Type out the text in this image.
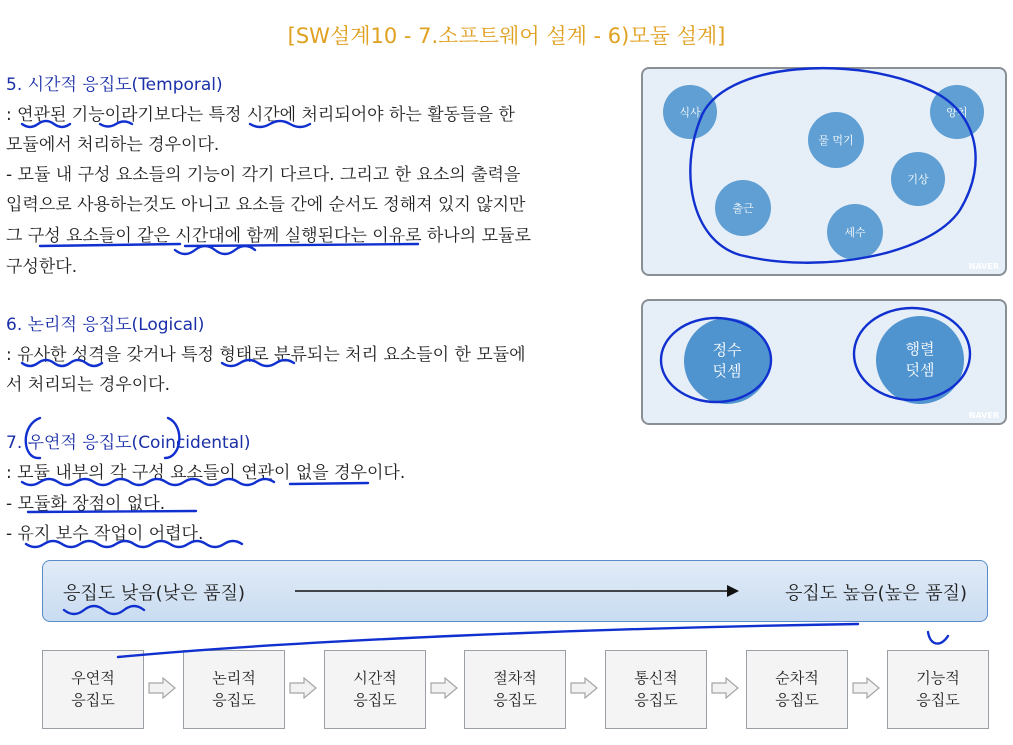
[SW설계10 - 7.소프트웨어 설계 - 6)모듈 설계]
5. 시간적 응집도(Temporal)
: 연관된 기능이라기보다는 특정 시간에 처리되어야 하는 활동들을 한
모듈에서 처리하는 경우이다.
- 모듈 내 구성 요소들의 기능이 각기 다르다. 그리고 한 요소의 출력을
입력으로 사용하는것도 아니고 요소들 간에 순서도 정해져 있지 않지만
그 구성 요소들이 같은 시간대에 함께 실행된다는 이유로 하나의 모듈로
구성한다.
6. 논리적 응집도(Logical)
: 유사한 성격을 갖거나 특정 형태로 분류되는 처리 요소들이 한 모듈에
서 처리되는 경우이다.
7. 우연적 응집도(Coincidental)
: 모듈 내부의 각 구성 요소들이 연관이 없을 경우이다.
- 모듈화 장점이 없다.
- 유지 보수 작업이 어렵다.
식사
물 먹기
양치
기상
출근
세수
NAVER
정수
덧셈
행렬
덧셈
NAVER
응집도 낮음(낮은 품질)	응집도 높음(높은 품질)
우연적
응집도
논리적
응집도
시간적
응집도
절차적
응집도
통신적
응집도
순차적
응집도
기능적
응집도
